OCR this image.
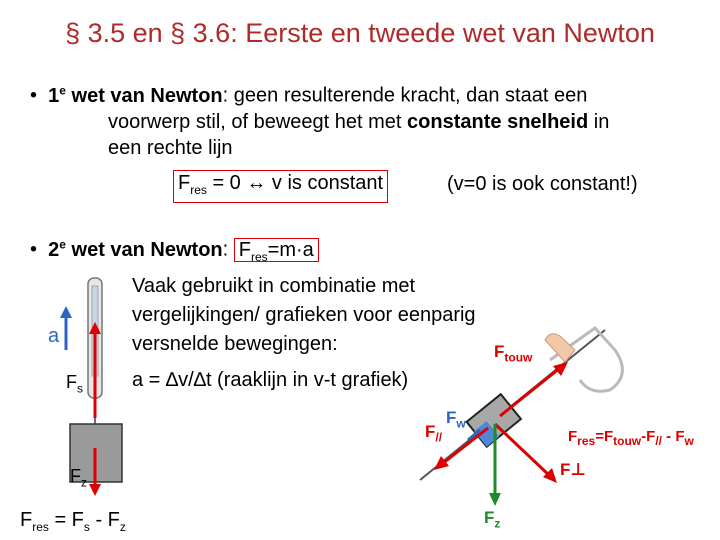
§ 3.5 en § 3.6: Eerste en tweede wet van Newton
• 1e wet van Newton: geen resulterende kracht, dan staat een
voorwerp stil, of beweegt het met constante snelheid in
een rechte lijn
$F_{res} = 0$ ↔ v is constant	(v=0 is ook constant!)
• 2e wet van Newton: $F_{res}=m\cdot a$
Vaak gebruikt in combinatie met
vergelijkingen/ grafieken voor eenparig
versnelde bewegingen:
a = ∆v/∆t (raaklijn in v-t grafiek)
a
$F_s$
$F_z$
$F_{res} = F_s - F_z$
$F_{touw}$
$F_{//}$
$F_w$
$F_{res}=F_{touw}-F_{//} - F_w$
F⊥
$F_z$
